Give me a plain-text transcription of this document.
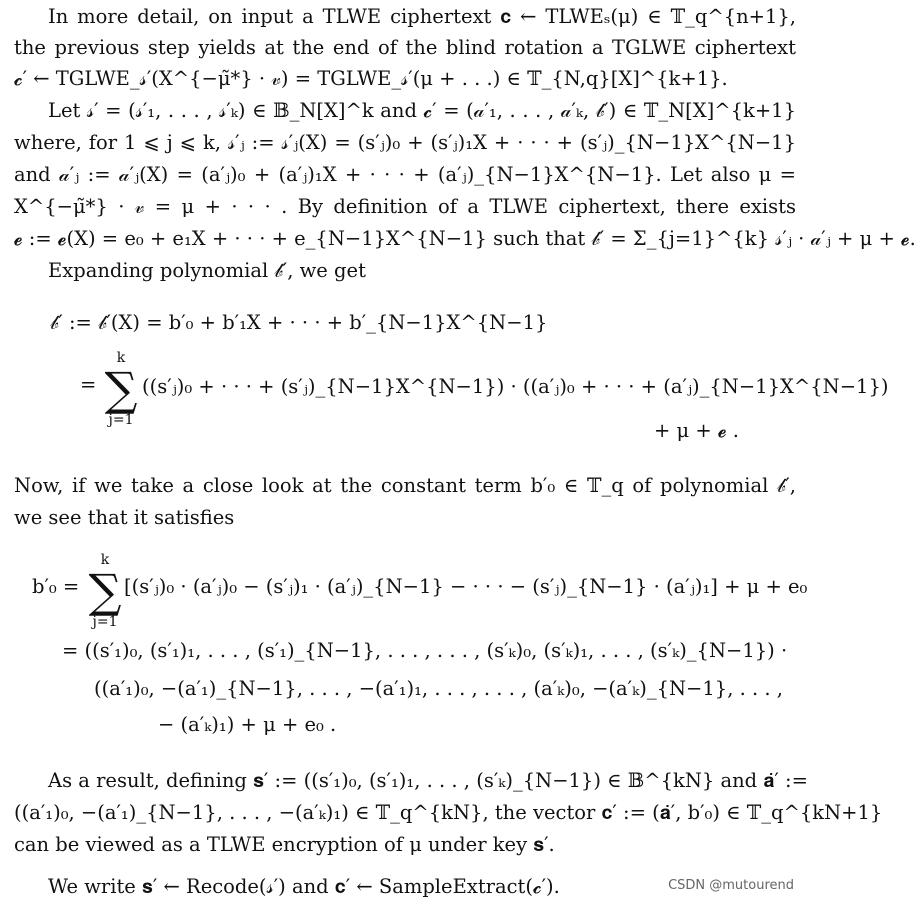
In more detail, on input a TLWE ciphertext 𝐜 ← TLWEₛ(μ) ∈ 𝕋_q^{n+1},
the previous step yields at the end of the blind rotation a TGLWE ciphertext
𝓬′ ← TGLWE_𝓈′(X^{−μ̃*} · 𝓋) = TGLWE_𝓈′(μ + . . .) ∈ 𝕋_{N,q}[X]^{k+1}.
Let 𝓈′ = (𝓈′₁, . . . , 𝓈′ₖ) ∈ 𝔹_N[X]^k and 𝓬′ = (𝒶′₁, . . . , 𝒶′ₖ, 𝒷′) ∈ 𝕋_N[X]^{k+1}
where, for 1 ⩽ j ⩽ k, 𝓈′ⱼ := 𝓈′ⱼ(X) = (s′ⱼ)₀ + (s′ⱼ)₁X + · · · + (s′ⱼ)_{N−1}X^{N−1}
and 𝒶′ⱼ := 𝒶′ⱼ(X) = (a′ⱼ)₀ + (a′ⱼ)₁X + · · · + (a′ⱼ)_{N−1}X^{N−1}. Let also μ =
X^{−μ̃*} · 𝓋 = μ + · · · . By definition of a TLWE ciphertext, there exists
𝓮 := 𝓮(X) = e₀ + e₁X + · · · + e_{N−1}X^{N−1} such that 𝒷′ = Σ_{j=1}^{k} 𝓈′ⱼ · 𝒶′ⱼ + μ + 𝓮.
Expanding polynomial 𝒷′, we get
𝒷′ := 𝒷′(X) = b′₀ + b′₁X + · · · + b′_{N−1}X^{N−1}
=
k
∑
j=1
((s′ⱼ)₀ + · · · + (s′ⱼ)_{N−1}X^{N−1}) · ((a′ⱼ)₀ + · · · + (a′ⱼ)_{N−1}X^{N−1})
+ μ + 𝓮 .
Now, if we take a close look at the constant term b′₀ ∈ 𝕋_q of polynomial 𝒷′,
we see that it satisfies
b′₀ =
k
∑
j=1
[(s′ⱼ)₀ · (a′ⱼ)₀ − (s′ⱼ)₁ · (a′ⱼ)_{N−1} − · · · − (s′ⱼ)_{N−1} · (a′ⱼ)₁] + μ + e₀
= ((s′₁)₀, (s′₁)₁, . . . , (s′₁)_{N−1}, . . . , . . . , (s′ₖ)₀, (s′ₖ)₁, . . . , (s′ₖ)_{N−1}) ·
((a′₁)₀, −(a′₁)_{N−1}, . . . , −(a′₁)₁, . . . , . . . , (a′ₖ)₀, −(a′ₖ)_{N−1}, . . . ,
− (a′ₖ)₁) + μ + e₀ .
As a result, defining 𝐬′ := ((s′₁)₀, (s′₁)₁, . . . , (s′ₖ)_{N−1}) ∈ 𝔹^{kN} and 𝐚̇′ :=
((a′₁)₀, −(a′₁)_{N−1}, . . . , −(a′ₖ)₁) ∈ 𝕋_q^{kN}, the vector 𝐜′ := (𝐚̇′, b′₀) ∈ 𝕋_q^{kN+1}
can be viewed as a TLWE encryption of μ under key 𝐬′.
We write 𝐬′ ← Recode(𝓈′) and 𝐜′ ← SampleExtract(𝓬′).	CSDN @mutourend
